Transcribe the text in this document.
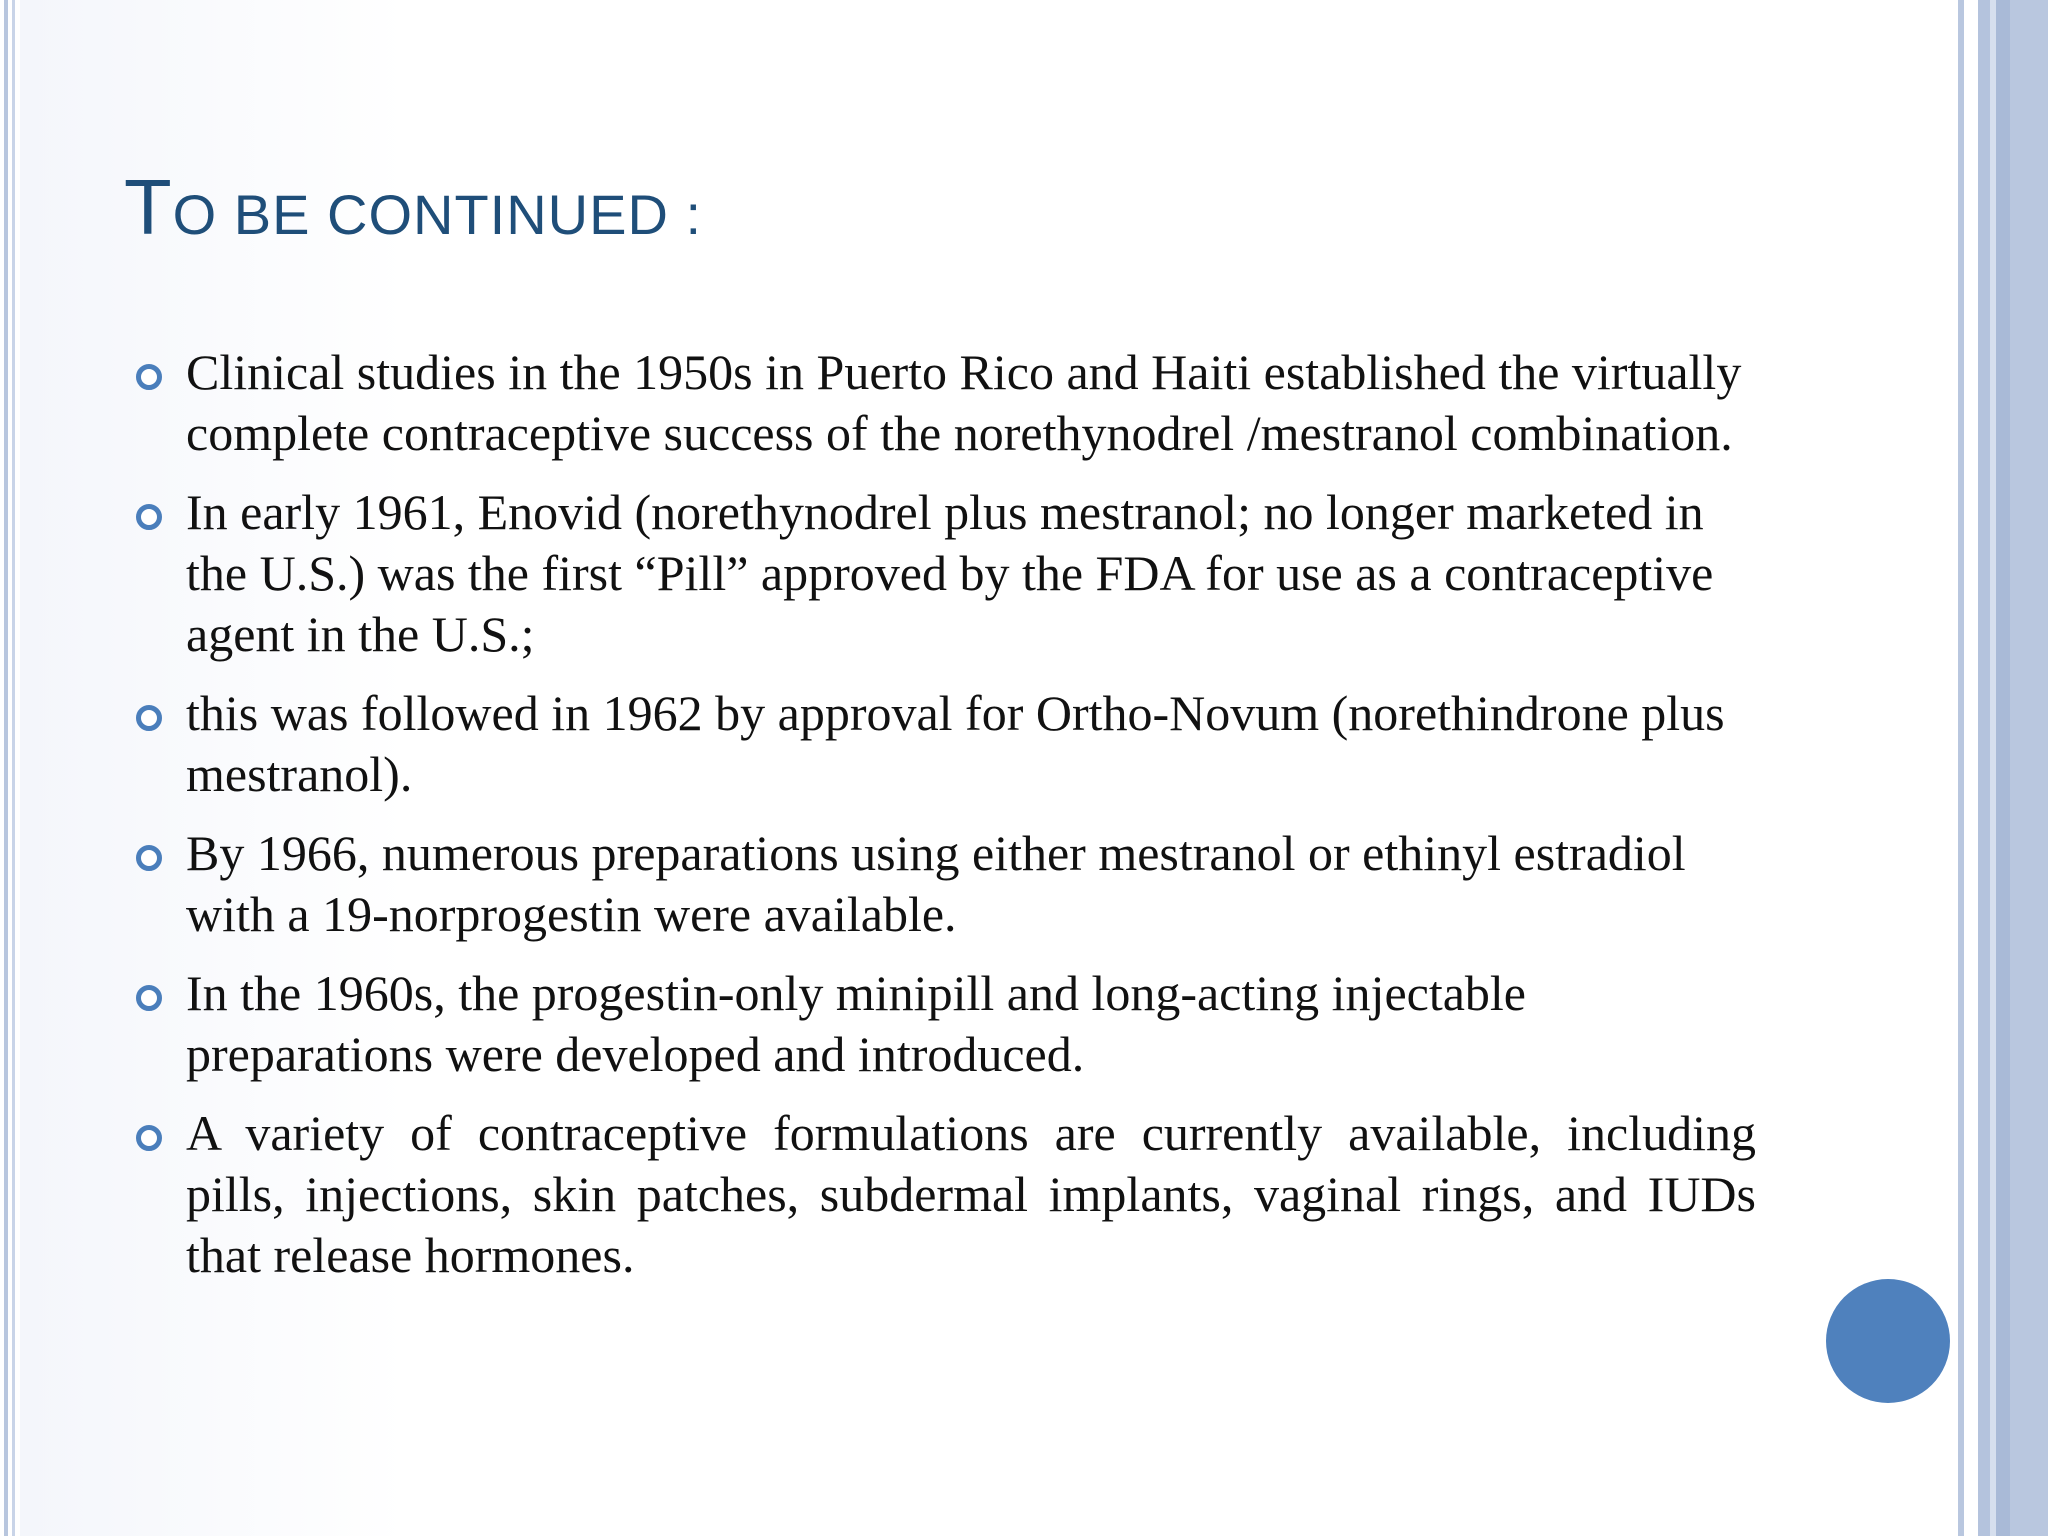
TO BE CONTINUED :
Clinical studies in the 1950s in Puerto Rico and Haiti established the virtually complete contraceptive success of the norethynodrel /mestranol combination.
In early 1961, Enovid (norethynodrel plus mestranol; no longer marketed in the U.S.) was the first “Pill” approved by the FDA for use as a contraceptive agent in the U.S.;
this was followed in 1962 by approval for Ortho-Novum (norethindrone plus mestranol).
By 1966, numerous preparations using either mestranol or ethinyl estradiol with a 19-norprogestin were available.
In the 1960s, the progestin-only minipill and long-acting injectable preparations were developed and introduced.
A variety of contraceptive formulations are currently available, including pills, injections, skin patches, subdermal implants, vaginal rings, and IUDs that release hormones.
